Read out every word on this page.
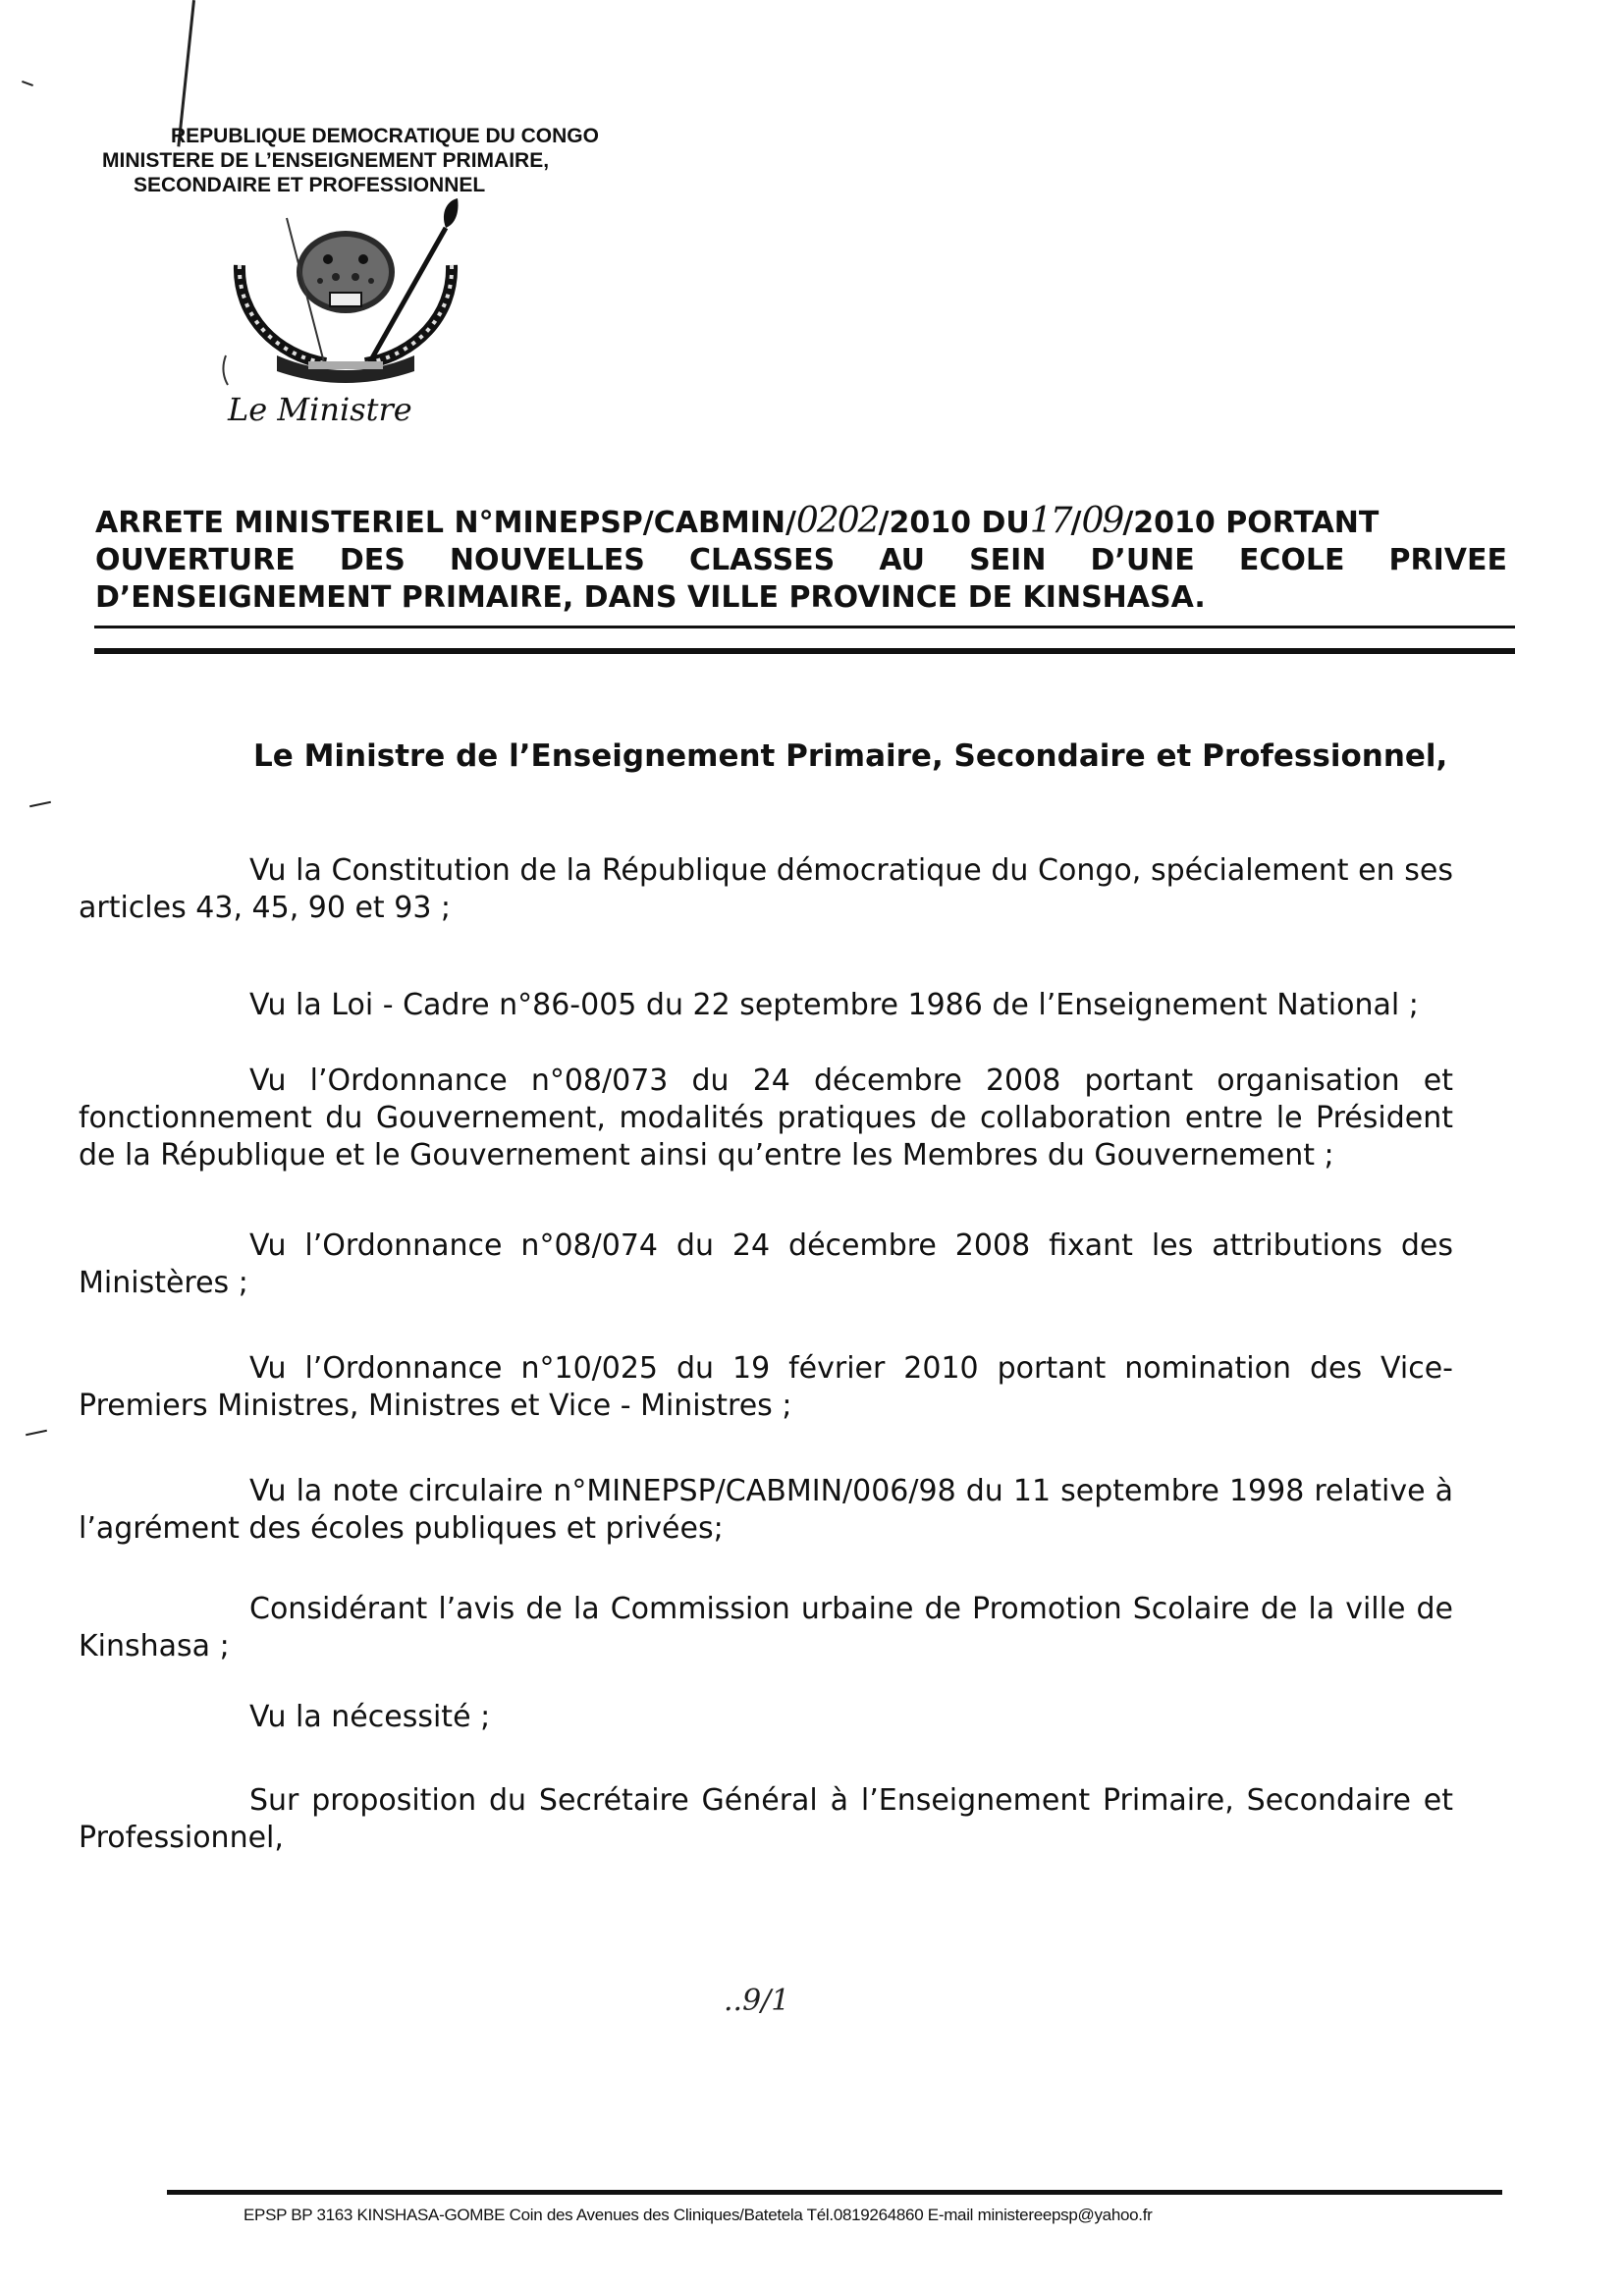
REPUBLIQUE DEMOCRATIQUE DU CONGO
MINISTERE DE L’ENSEIGNEMENT PRIMAIRE,
SECONDAIRE ET PROFESSIONNEL
Le Ministre
ARRETE MINISTERIEL N°MINEPSP/CABMIN/0202/2010 DU17/09/2010 PORTANT
OUVERTURE DES NOUVELLES CLASSES AU SEIN D’UNE ECOLE PRIVEE
D’ENSEIGNEMENT PRIMAIRE, DANS VILLE PROVINCE DE KINSHASA.
Le Ministre de l’Enseignement Primaire, Secondaire et Professionnel,

Vu la Constitution de la République démocratique du Congo, spécialement en ses articles 43, 45, 90 et 93 ;

Vu la Loi - Cadre n°86-005 du 22 septembre 1986 de l’Enseignement National ;

Vu l’Ordonnance n°08/073 du 24 décembre 2008 portant organisation et fonctionnement du Gouvernement, modalités pratiques de collaboration entre le Président de la République et le Gouvernement ainsi qu’entre les Membres du Gouvernement ;

Vu l’Ordonnance n°08/074 du 24 décembre 2008 fixant les attributions des Ministères ;

Vu l’Ordonnance n°10/025 du 19 février 2010 portant nomination des Vice-Premiers Ministres, Ministres et Vice - Ministres ;

Vu la note circulaire n°MINEPSP/CABMIN/006/98 du 11 septembre 1998 relative à l’agrément des écoles publiques et privées;

Considérant l’avis de la Commission urbaine de Promotion Scolaire de la ville de Kinshasa ;

Vu la nécessité ;

Sur proposition du Secrétaire Général à l’Enseignement Primaire, Secondaire et Professionnel,

..9/1
EPSP BP 3163 KINSHASA-GOMBE Coin des Avenues des Cliniques/Batetela Tél.0819264860 E-mail ministereepsp@yahoo.fr
